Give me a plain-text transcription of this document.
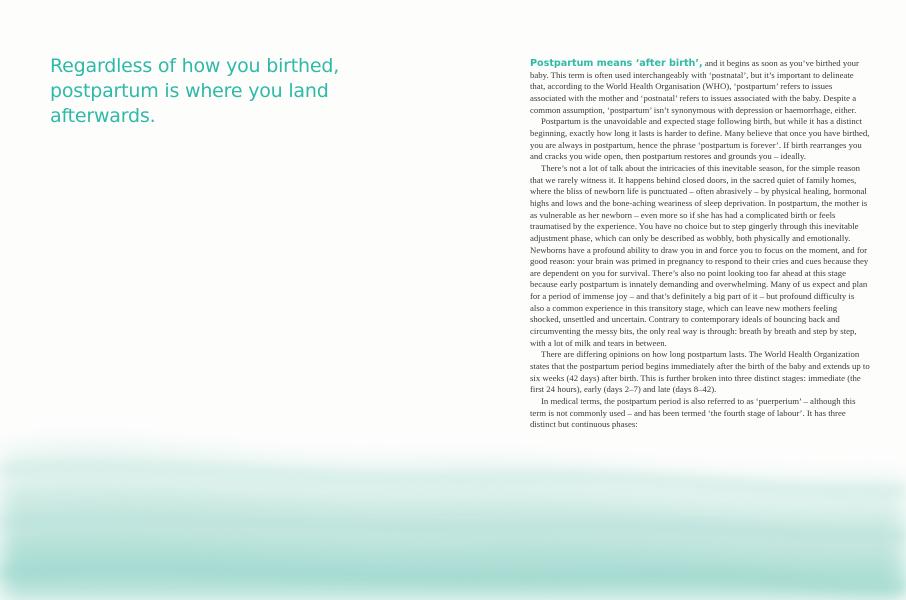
Regardless of how you birthed, postpartum is where you land afterwards.

Postpartum means ‘after birth’, and it begins as soon as you’ve birthed your baby. This term is often used interchangeably with ‘postnatal’, but it’s important to delineate that, according to the World Health Organisation (WHO), ‘postpartum’ refers to issues associated with the mother and ‘postnatal’ refers to issues associated with the baby. Despite a common assumption, ‘postpartum’ isn’t synonymous with depression or haemorrhage, either.

Postpartum is the unavoidable and expected stage following birth, but while it has a distinct beginning, exactly how long it lasts is harder to define. Many believe that once you have birthed, you are always in postpartum, hence the phrase ‘postpartum is forever’. If birth rearranges you and cracks you wide open, then postpartum restores and grounds you – ideally.

There’s not a lot of talk about the intricacies of this inevitable season, for the simple reason that we rarely witness it. It happens behind closed doors, in the sacred quiet of family homes, where the bliss of newborn life is punctuated – often abrasively – by physical healing, hormonal highs and lows and the bone-aching weariness of sleep deprivation. In postpartum, the mother is as vulnerable as her newborn – even more so if she has had a complicated birth or feels traumatised by the experience. You have no choice but to step gingerly through this inevitable adjustment phase, which can only be described as wobbly, both physically and emotionally. Newborns have a profound ability to draw you in and force you to focus on the moment, and for good reason: your brain was primed in pregnancy to respond to their cries and cues because they are dependent on you for survival. There’s also no point looking too far ahead at this stage because early postpartum is innately demanding and overwhelming. Many of us expect and plan for a period of immense joy – and that’s definitely a big part of it – but profound difficulty is also a common experience in this transitory stage, which can leave new mothers feeling shocked, unsettled and uncertain. Contrary to contemporary ideals of bouncing back and circumventing the messy bits, the only real way is through: breath by breath and step by step, with a lot of milk and tears in between.

There are differing opinions on how long postpartum lasts. The World Health Organization states that the postpartum period begins immediately after the birth of the baby and extends up to six weeks (42 days) after birth. This is further broken into three distinct stages: immediate (the first 24 hours), early (days 2–7) and late (days 8–42).

In medical terms, the postpartum period is also referred to as ‘puerperium’ – although this term is not commonly used – and has been termed ‘the fourth stage of labour’. It has three distinct but continuous phases:
